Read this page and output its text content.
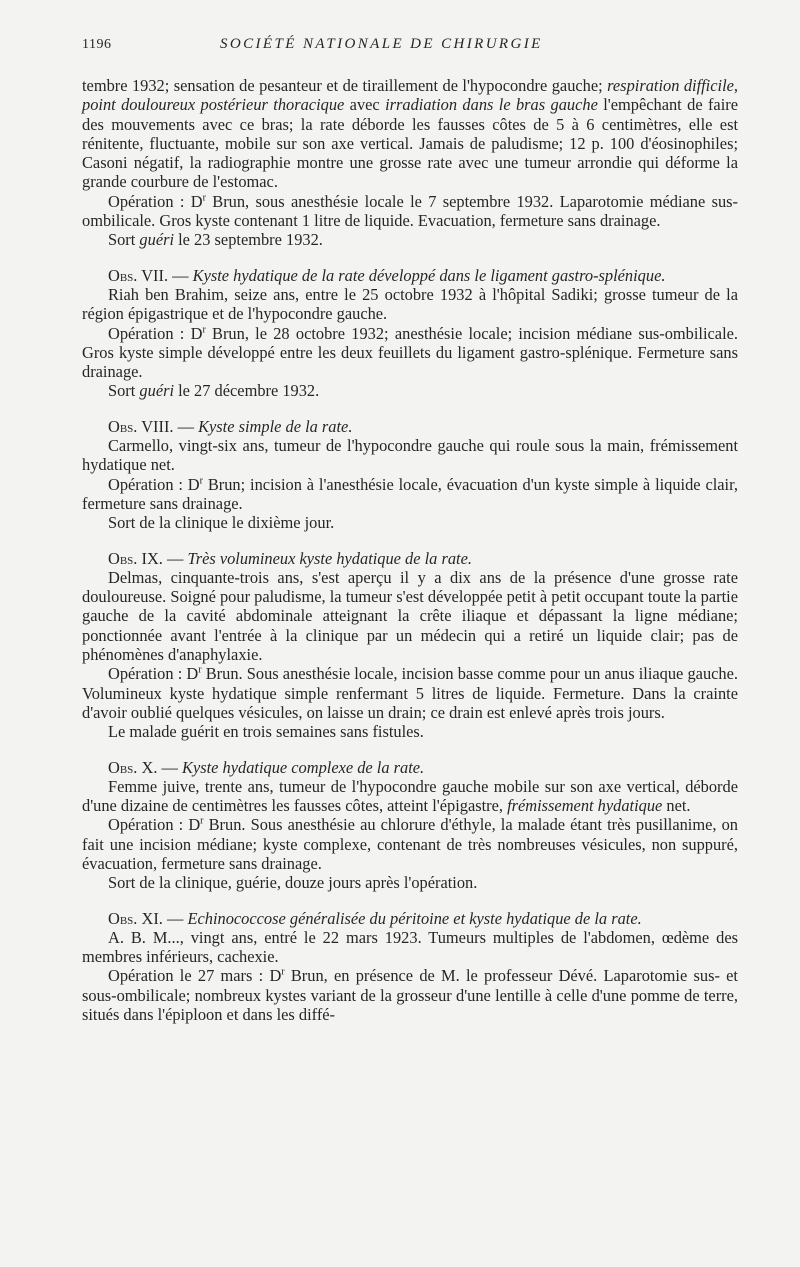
1196	SOCIÉTÉ NATIONALE DE CHIRURGIE

tembre 1932; sensation de pesanteur et de tiraillement de l'hypocondre gauche; respiration difficile, point douloureux postérieur thoracique avec irradiation dans le bras gauche l'empêchant de faire des mouvements avec ce bras; la rate déborde les fausses côtes de 5 à 6 centimètres, elle est rénitente, fluctuante, mobile sur son axe vertical. Jamais de paludisme; 12 p. 100 d'éosinophiles; Casoni négatif, la radiographie montre une grosse rate avec une tumeur arrondie qui déforme la grande courbure de l'estomac.

Opération : $D^r$ Brun, sous anesthésie locale le 7 septembre 1932. Laparotomie médiane sus-ombilicale. Gros kyste contenant 1 litre de liquide. Evacuation, fermeture sans drainage.

Sort guéri le 23 septembre 1932.

Obs. VII. — Kyste hydatique de la rate développé dans le ligament gastro-splénique.

Riah ben Brahim, seize ans, entre le 25 octobre 1932 à l'hôpital Sadiki; grosse tumeur de la région épigastrique et de l'hypocondre gauche.

Opération : $D^r$ Brun, le 28 octobre 1932; anesthésie locale; incision médiane sus-ombilicale. Gros kyste simple développé entre les deux feuillets du ligament gastro-splénique. Fermeture sans drainage.

Sort guéri le 27 décembre 1932.

Obs. VIII. — Kyste simple de la rate.

Carmello, vingt-six ans, tumeur de l'hypocondre gauche qui roule sous la main, frémissement hydatique net.

Opération : $D^r$ Brun; incision à l'anesthésie locale, évacuation d'un kyste simple à liquide clair, fermeture sans drainage.

Sort de la clinique le dixième jour.

Obs. IX. — Très volumineux kyste hydatique de la rate.

Delmas, cinquante-trois ans, s'est aperçu il y a dix ans de la présence d'une grosse rate douloureuse. Soigné pour paludisme, la tumeur s'est développée petit à petit occupant toute la partie gauche de la cavité abdominale atteignant la crête iliaque et dépassant la ligne médiane; ponctionnée avant l'entrée à la clinique par un médecin qui a retiré un liquide clair; pas de phénomènes d'anaphylaxie.

Opération : $D^r$ Brun. Sous anesthésie locale, incision basse comme pour un anus iliaque gauche. Volumineux kyste hydatique simple renfermant 5 litres de liquide. Fermeture. Dans la crainte d'avoir oublié quelques vésicules, on laisse un drain; ce drain est enlevé après trois jours.

Le malade guérit en trois semaines sans fistules.

Obs. X. — Kyste hydatique complexe de la rate.

Femme juive, trente ans, tumeur de l'hypocondre gauche mobile sur son axe vertical, déborde d'une dizaine de centimètres les fausses côtes, atteint l'épigastre, frémissement hydatique net.

Opération : $D^r$ Brun. Sous anesthésie au chlorure d'éthyle, la malade étant très pusillanime, on fait une incision médiane; kyste complexe, contenant de très nombreuses vésicules, non suppuré, évacuation, fermeture sans drainage.

Sort de la clinique, guérie, douze jours après l'opération.

Obs. XI. — Echinococcose généralisée du péritoine et kyste hydatique de la rate.

A. B. M..., vingt ans, entré le 22 mars 1923. Tumeurs multiples de l'abdomen, œdème des membres inférieurs, cachexie.

Opération le 27 mars : $D^r$ Brun, en présence de M. le professeur Dévé. Laparotomie sus- et sous-ombilicale; nombreux kystes variant de la grosseur d'une lentille à celle d'une pomme de terre, situés dans l'épiploon et dans les diffé-
